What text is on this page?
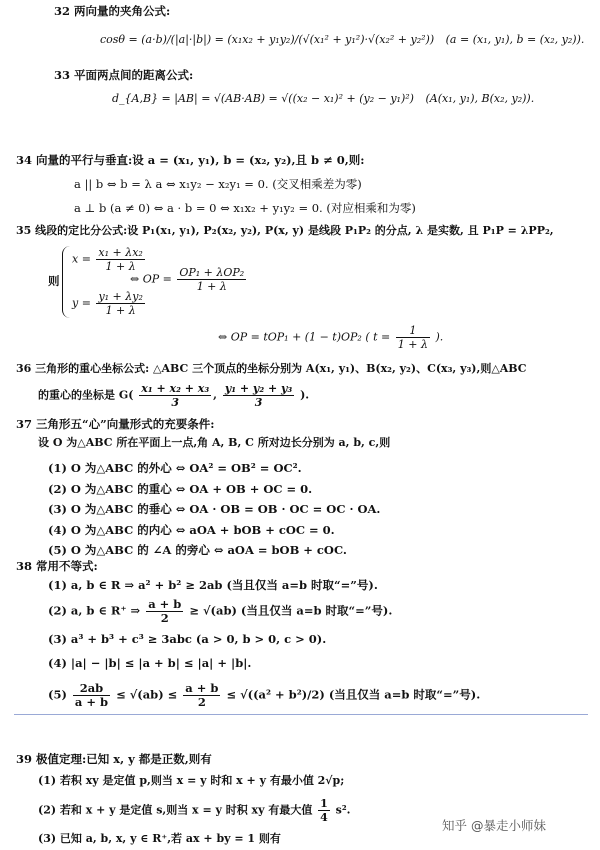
32 两向量的夹角公式:
cosθ = (a·b)/(|a|·|b|) = (x₁x₂ + y₁y₂)/(√(x₁² + y₁²)·√(x₂² + y₂²)) (a = (x₁, y₁), b = (x₂, y₂)).
33 平面两点间的距离公式:
d_{A,B} = |AB| = √(AB·AB) = √((x₂ − x₁)² + (y₂ − y₁)²) (A(x₁, y₁), B(x₂, y₂)).
34 向量的平行与垂直:设 a = (x₁, y₁), b = (x₂, y₂),且 b ≠ 0,则:
a || b ⇔ b = λ a ⇔ x₁y₂ − x₂y₁ = 0. (交叉相乘差为零)
a ⊥ b (a ≠ 0) ⇔ a · b = 0 ⇔ x₁x₂ + y₁y₂ = 0. (对应相乘和为零)
35 线段的定比分公式:设 P₁(x₁, y₁), P₂(x₂, y₂), P(x, y) 是线段 P₁P₂ 的分点, λ 是实数, 且 P₁P = λPP₂,
则
$x = \frac{\text{x₁ + λx₂}}{1 + \lambda}$
$y = \frac{\text{y₁ + λy₂}}{1 + \lambda}$
⇔ OP = $\frac{\text{OP₁ + λOP₂}}{1 + \lambda}$
⇔ OP = tOP₁ + (1 − t)OP₂ ( $t = \frac{1}{1 + \lambda}$ ).
36 三角形的重心坐标公式: △ABC 三个顶点的坐标分别为 A(x₁, y₁)、B(x₂, y₂)、C(x₃, y₃),则△ABC
的重心的坐标是 $G( \frac{\text{x₁ + x₂ + x₃}}{3}$ , $\frac{\text{y₁ + y₂ + y₃}}{3}$ ).
37 三角形五“心”向量形式的充要条件:
设 O 为△ABC 所在平面上一点,角 A, B, C 所对边长分别为 a, b, c,则
(1) O 为△ABC 的外心 ⇔ OA² = OB² = OC².
(2) O 为△ABC 的重心 ⇔ OA + OB + OC = 0.
(3) O 为△ABC 的垂心 ⇔ OA · OB = OB · OC = OC · OA.
(4) O 为△ABC 的内心 ⇔ aOA + bOB + cOC = 0.
(5) O 为△ABC 的 ∠A 的旁心 ⇔ aOA = bOB + cOC.
38 常用不等式:
(1) a, b ∈ R ⇒ a² + b² ≥ 2ab (当且仅当 a=b 时取“=”号).
(2) a, b ∈ R⁺ ⇒ $\frac{a + b}{2} \ge √(ab)$ (当且仅当 a=b 时取“=”号).
(3) a³ + b³ + c³ ≥ 3abc (a > 0, b > 0, c > 0).
(4) |a| − |b| ≤ |a + b| ≤ |a| + |b|.
$(5) \frac{2ab}{a + b} \le √(ab) \le \frac{a + b}{2} \le √((a^2 + b^2)/2)$ (当且仅当 a=b 时取“=”号).
39 极值定理:已知 x, y 都是正数,则有
(1) 若积 xy 是定值 p,则当 x = y 时和 x + y 有最小值 2√p;
(2) 若和 x + y 是定值 s,则当 x = y 时积 xy 有最大值 $\frac{1}{4} s^2$.
(3) 已知 a, b, x, y ∈ R⁺,若 ax + by = 1 则有
知乎 @暴走小师妹
